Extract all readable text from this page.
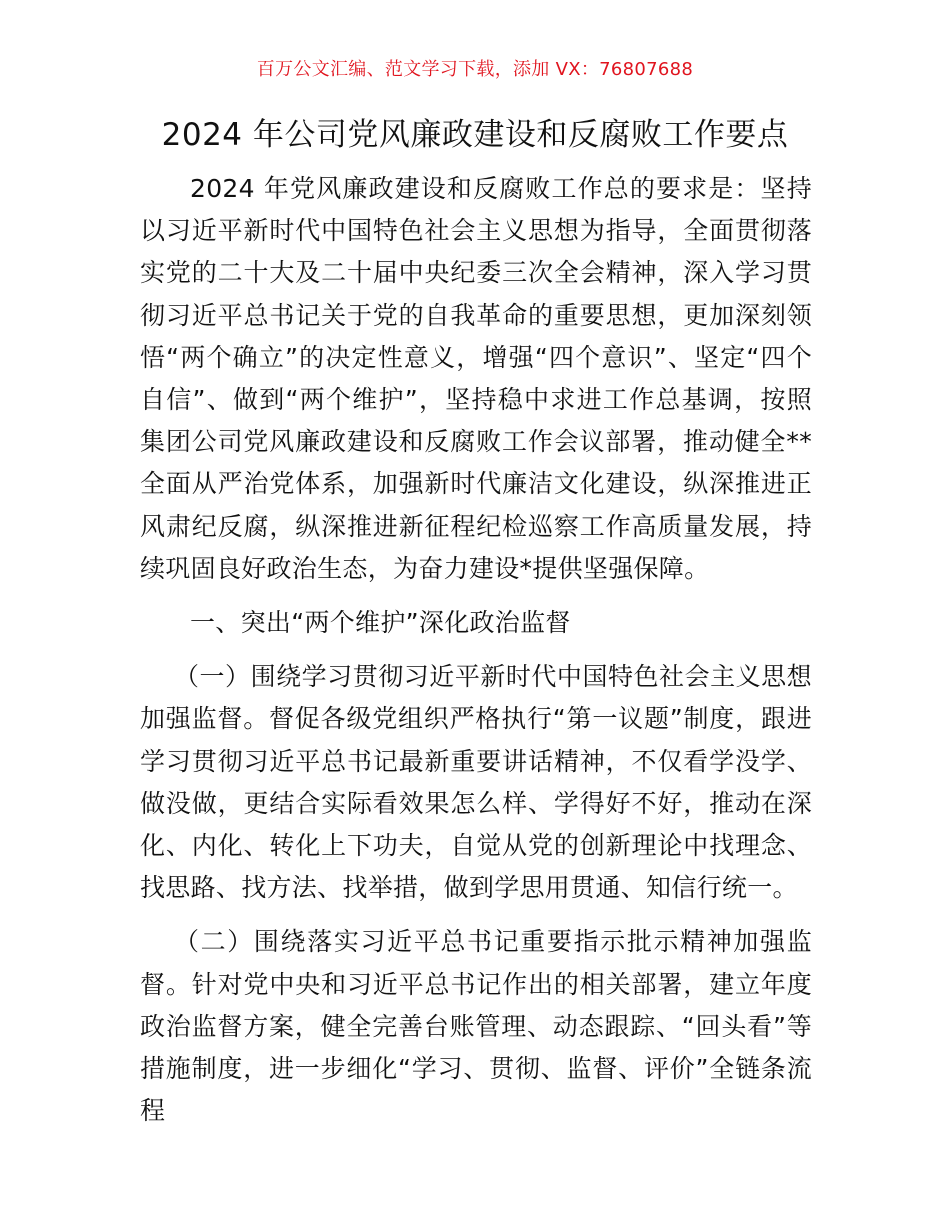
百万公文汇编、范文学习下载，添加 VX：76807688
2024 年公司党风廉政建设和反腐败工作要点

2024 年党风廉政建设和反腐败工作总的要求是：坚持以习近平新时代中国特色社会主义思想为指导，全面贯彻落实党的二十大及二十届中央纪委三次全会精神，深入学习贯彻习近平总书记关于党的自我革命的重要思想，更加深刻领悟“两个确立”的决定性意义，增强“四个意识”、坚定“四个自信”、做到“两个维护”，坚持稳中求进工作总基调，按照集团公司党风廉政建设和反腐败工作会议部署，推动健全**全面从严治党体系，加强新时代廉洁文化建设，纵深推进正风肃纪反腐，纵深推进新征程纪检巡察工作高质量发展，持续巩固良好政治生态，为奋力建设*提供坚强保障。

一、突出“两个维护”深化政治监督

（一）围绕学习贯彻习近平新时代中国特色社会主义思想加强监督。督促各级党组织严格执行“第一议题”制度，跟进学习贯彻习近平总书记最新重要讲话精神，不仅看学没学、做没做，更结合实际看效果怎么样、学得好不好，推动在深化、内化、转化上下功夫，自觉从党的创新理论中找理念、找思路、找方法、找举措，做到学思用贯通、知信行统一。

（二）围绕落实习近平总书记重要指示批示精神加强监督。针对党中央和习近平总书记作出的相关部署，建立年度政治监督方案，健全完善台账管理、动态跟踪、“回头看”等措施制度，进一步细化“学习、贯彻、监督、评价”全链条流程
